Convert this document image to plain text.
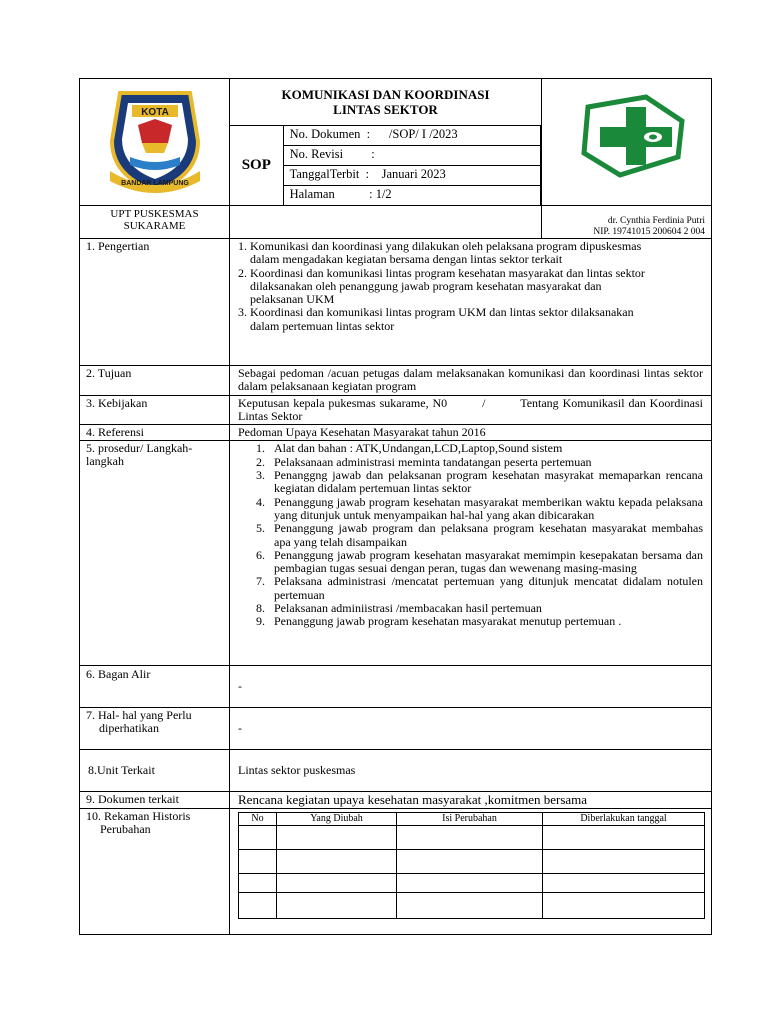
KOTA
BANDAR LAMPUNG

KOMUNIKASI DAN KOORDINASI
LINTAS SEKTOR
SOP	No. Dokumen  :      /SOP/ I /2023
No. Revisi         :
TanggalTerbit  :    Januari 2023
Halaman           : 1/2

UPT PUSKESMAS
SUKARAME		dr. Cynthia Ferdinia Putri
NIP. 19741015 200604 2 004

1. Pengertian	1. Komunikasi dan koordinasi yang dilakukan oleh pelaksana program dipuskesmas
dalam mengadakan kegiatan bersama dengan lintas sektor terkait
2. Koordinasi dan komunikasi lintas program kesehatan masyarakat dan lintas sektor
dilaksanakan oleh penanggung jawab program kesehatan masyarakat dan
pelaksanan UKM
3. Koordinasi dan komunikasi lintas program UKM dan lintas sektor dilaksanakan
dalam pertemuan lintas sektor

2. Tujuan	Sebagai pedoman /acuan petugas dalam melaksanakan komunikasi dan koordinasi lintas sektor dalam pelaksanaan kegiatan program
3. Kebijakan	Keputusan kepala pukesmas sukarame, N0         /         Tentang Komunikasil dan Koordinasi Lintas Sektor
4. Referensi	Pedoman Upaya Kesehatan Masyarakat tahun 2016

5. prosedur/ Langkah-
langkah

1. Alat dan bahan : ATK,Undangan,LCD,Laptop,Sound sistem
2. Pelaksanaan administrasi meminta tandatangan peserta pertemuan
3. Penanggng jawab dan pelaksanan program kesehatan masyrakat memaparkan rencana kegiatan didalam pertemuan lintas sektor
4. Penanggung jawab program kesehatan masyarakat memberikan waktu kepada pelaksana yang ditunjuk untuk menyampaikan hal-hal yang akan dibicarakan
5. Penanggung jawab program dan pelaksana program kesehatan masyarakat membahas apa yang telah disampaikan
6. Penanggung jawab program kesehatan masyarakat memimpin kesepakatan bersama dan pembagian tugas sesuai dengan peran, tugas dan wewenang masing-masing
7. Pelaksana administrasi /mencatat pertemuan yang ditunjuk mencatat didalam notulen pertemuan
8. Pelaksanan adminiistrasi /membacakan hasil pertemuan
9. Penanggung jawab program kesehatan masyarakat menutup pertemuan .

6. Bagan Alir	-

7. Hal- hal yang Perlu
diperhatikan	-
8.Unit Terkait	Lintas sektor puskesmas
9. Dokumen terkait	Rencana kegiatan upaya kesehatan masyarakat ,komitmen bersama

10. Rekaman Historis
Perubahan

No	Yang Diubah	Isi Perubahan	Diberlakukan tanggal
